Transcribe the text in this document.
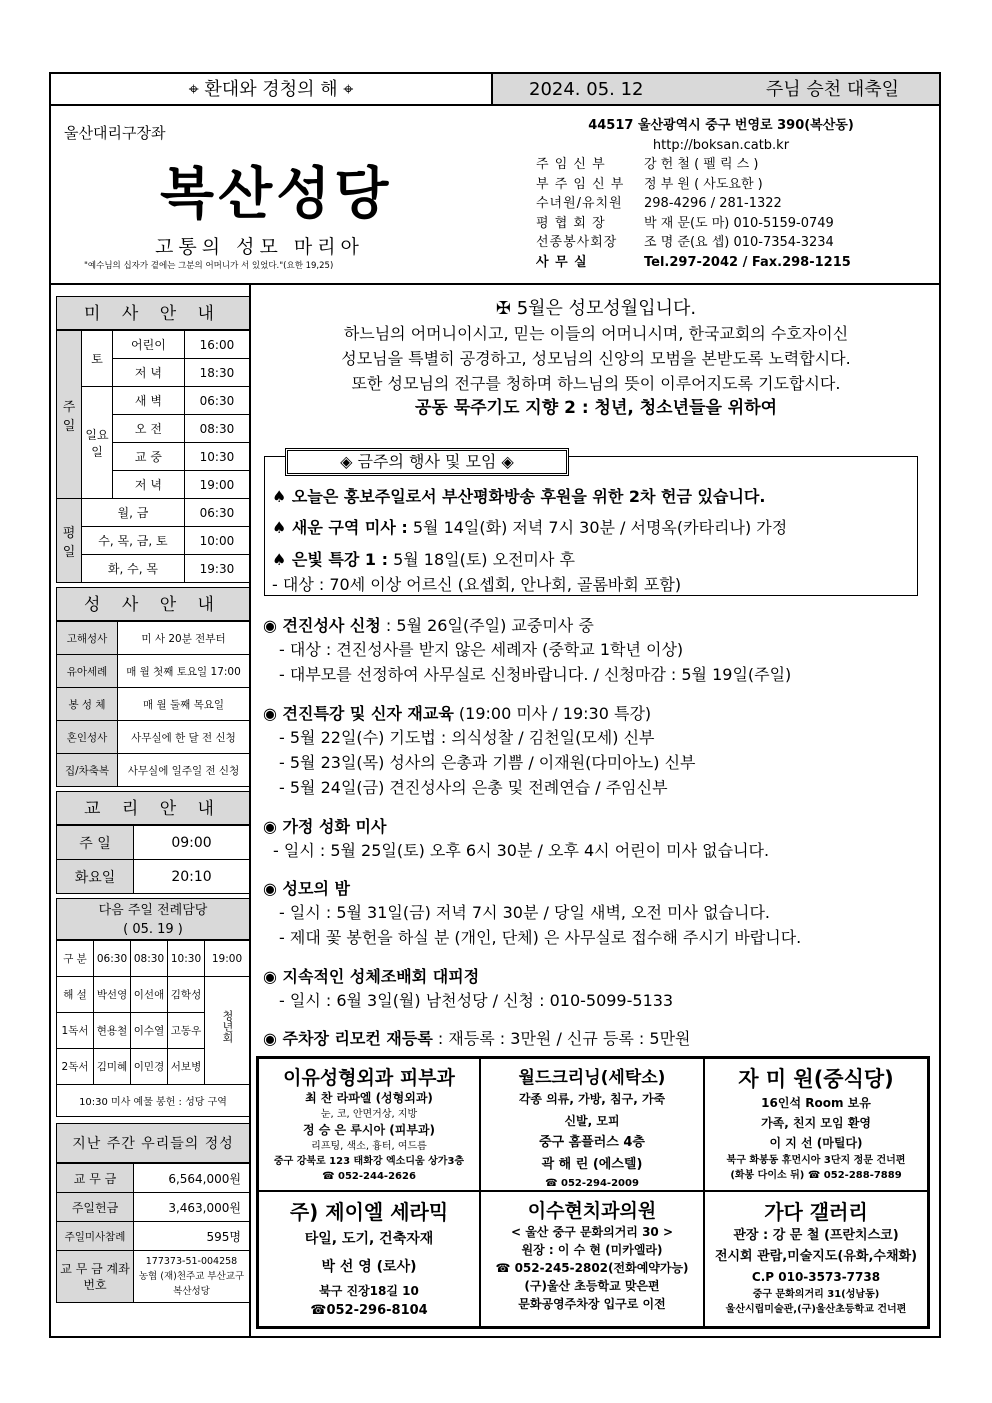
⌖ 환대와 경청의 해 ⌖	2024. 05. 12	주님 승천 대축일
울산대리구장좌
복산성당
고통의 성모 마리아
"예수님의 십자가 곁에는 그분의 어머니가 서 있었다."(요한 19,25)
44517 울산광역시 중구 번영로 390(복산동)
http://boksan.catb.kr
주 임 신 부	강 헌 철 ( 펠 릭 스 )
부 주 임 신 부 정 부 원 ( 사도요한 )
수녀원/유치원 298-4296 / 281-1322
평 협 회 장	박 재 문(도 마) 010-5159-0749
선종봉사회장 조 명 준(요 셉) 010-7354-3234
사 무 실	Tel.297-2042 / Fax.298-1215
미 사 안 내
주일	토	어린이	16:00
		저 녁	18:30
	일요일	새 벽	06:30
		오 전	08:30
		교 중	10:30
		저 녁	19:00
평일	월, 금		06:30
	수, 목, 금, 토		10:00
	화, 수, 목		19:30
성 사 안 내
고해성사	미 사 20분 전부터
유아세례	매 월 첫째 토요일 17:00
봉 성 체	매 월 둘째 목요일
혼인성사	사무실에 한 달 전 신청
집/차축복	사무실에 일주일 전 신청
교 리 안 내
주 일	09:00
화요일	20:10
다음 주일 전례담당
( 05. 19 )
구 분	06:30	08:30	10:30	19:00
해 설	박선영	이선애	김학성	청년회
1독서	현용철	이수열	고동우	
2독서	김미혜	이민경	서보병	
10:30 미사 예물 봉헌 : 성당 구역				
지난 주간 우리들의 정성
교 무 금	6,564,000원
주일헌금	3,463,000원
주일미사참례	595명
교 무 금 계좌번호	177373-51-004258
농협 (재)천주교 부산교구
복산성당
✠ 5월은 성모성월입니다.
하느님의 어머니이시고, 믿는 이들의 어머니시며, 한국교회의 수호자이신
성모님을 특별히 공경하고, 성모님의 신앙의 모범을 본받도록 노력합시다.
또한 성모님의 전구를 청하며 하느님의 뜻이 이루어지도록 기도합시다.
공동 묵주기도 지향 2 : 청년, 청소년들을 위하여
◈ 금주의 행사 및 모임 ◈
♠ 오늘은 홍보주일로서 부산평화방송 후원을 위한 2차 헌금 있습니다.
♠ 새운 구역 미사 : 5월 14일(화) 저녁 7시 30분 / 서명옥(카타리나) 가정
♠ 은빛 특강 1 : 5월 18일(토) 오전미사 후
- 대상 : 70세 이상 어르신 (요셉회, 안나회, 골롬바회 포함)
◉ 견진성사 신청 : 5월 26일(주일) 교중미사 중
- 대상 : 견진성사를 받지 않은 세례자 (중학교 1학년 이상)
- 대부모를 선정하여 사무실로 신청바랍니다. / 신청마감 : 5월 19일(주일)
◉ 견진특강 및 신자 재교육 (19:00 미사 / 19:30 특강)
- 5월 22일(수) 기도법 : 의식성찰 / 김천일(모세) 신부
- 5월 23일(목) 성사의 은총과 기쁨 / 이재원(다미아노) 신부
- 5월 24일(금) 견진성사의 은총 및 전례연습 / 주임신부
◉ 가정 성화 미사
- 일시 : 5월 25일(토) 오후 6시 30분 / 오후 4시 어린이 미사 없습니다.
◉ 성모의 밤
- 일시 : 5월 31일(금) 저녁 7시 30분 / 당일 새벽, 오전 미사 없습니다.
- 제대 꽃 봉헌을 하실 분 (개인, 단체) 은 사무실로 접수해 주시기 바랍니다.
◉ 지속적인 성체조배회 대피정
- 일시 : 6월 3일(월) 남천성당 / 신청 : 010-5099-5133
◉ 주차장 리모컨 재등록 : 재등록 : 3만원 / 신규 등록 : 5만원
이유성형외과 피부과
최 찬 라파엘 (성형외과)
눈, 코, 안면거상, 지방
정 승 은 루시아 (피부과)
리프팅, 색소, 흉터, 여드름
중구 강북로 123 태화강 엑소디움 상가3층
☎ 052-244-2626
월드크리닝(세탁소)
각종 의류, 가방, 침구, 가죽
신발, 모피
중구 홈플러스 4층
곽 해 린 (에스텔)
☎ 052-294-2009
자 미 원(중식당)
16인석 Room 보유
가족, 친지 모임 환영
이 지 선 (마틸다)
북구 화봉동 휴먼시아 3단지 정문 건너편
(화봉 다이소 뒤) ☎ 052-288-7889
주) 제이엘 세라믹
타일, 도기, 건축자재
박 선 영 (로사)
북구 진장18길 10
☎052-296-8104
이수현치과의원
< 울산 중구 문화의거리 30 >
원장 : 이 수 현 (미카엘라)
☎ 052-245-2802(전화예약가능)
(구)울산 초등학교 맞은편
문화공영주차장 입구로 이전
가다 갤러리
관장 : 강 문 철 (프란치스코)
전시회 관람,미술지도(유화,수채화)
C.P 010-3573-7738
중구 문화의거리 31(성남동)
울산시립미술관,(구)울산초등학교 건너편
